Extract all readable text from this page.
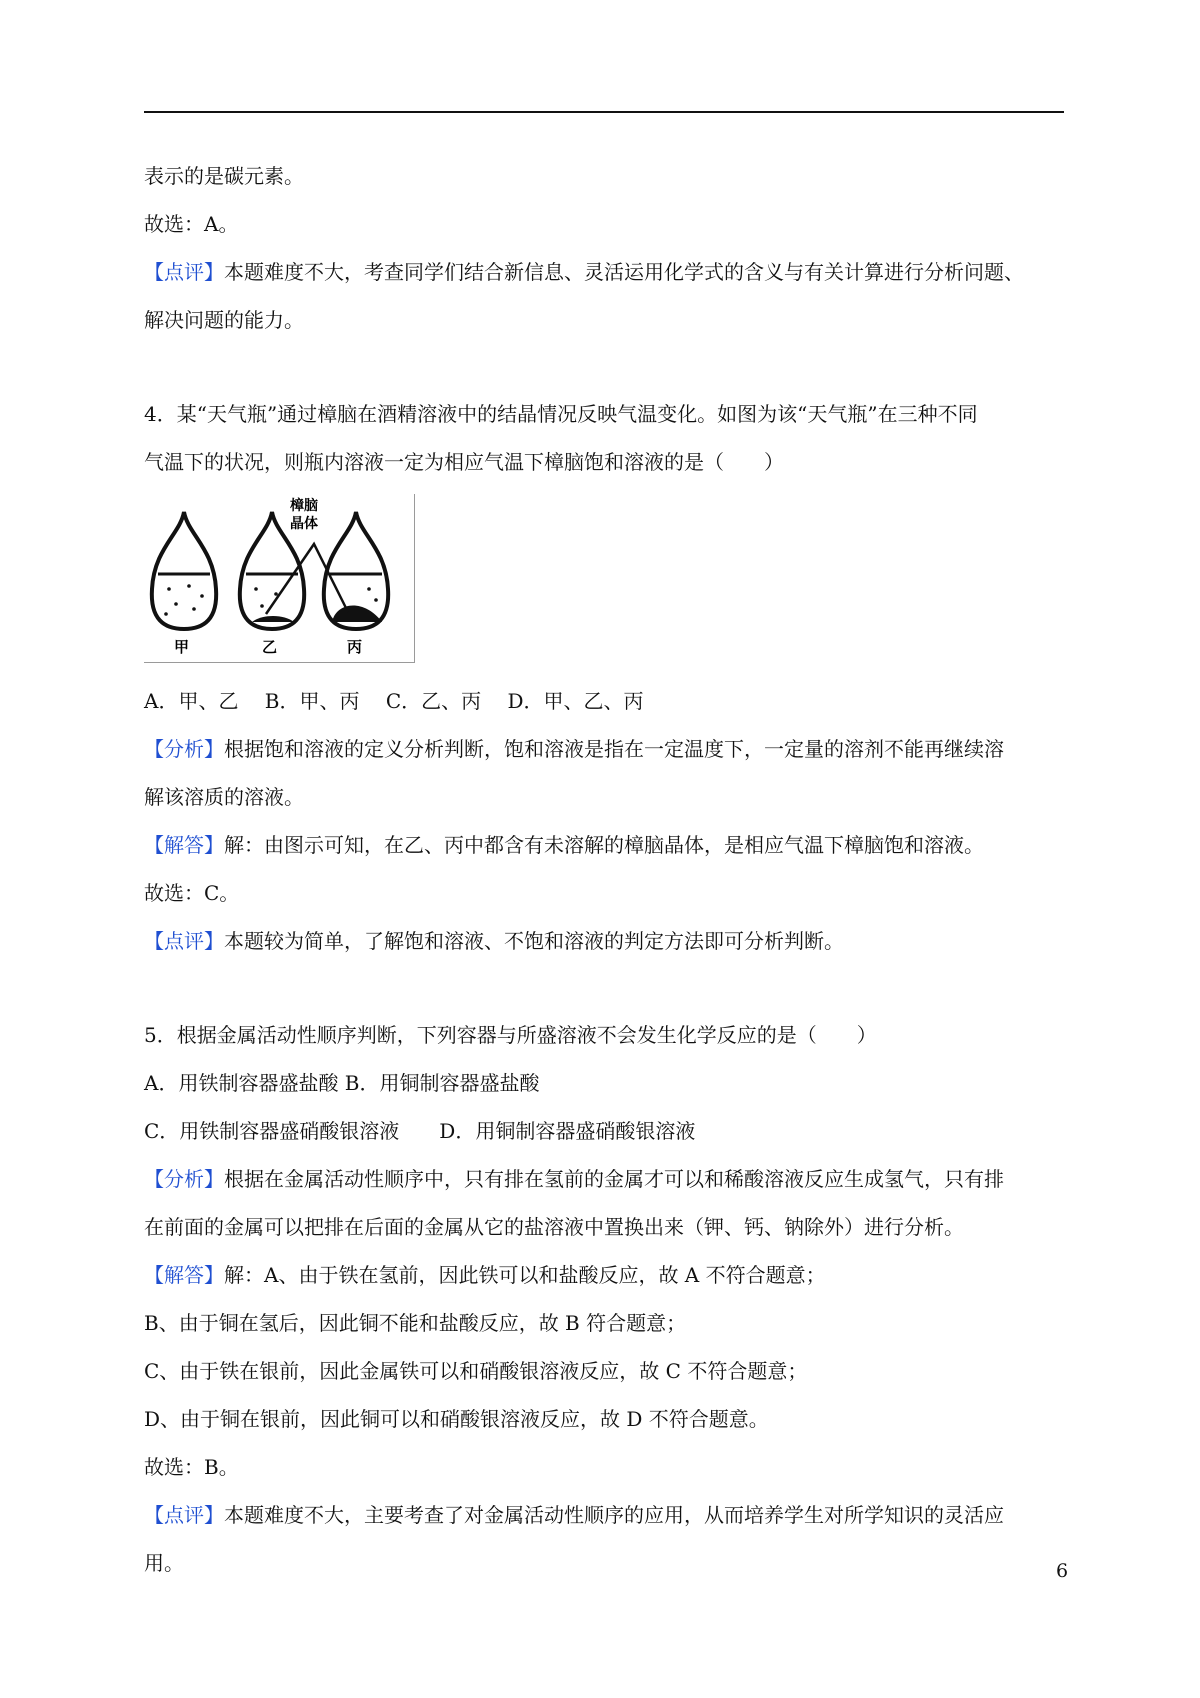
表示的是碳元素。

故选：A。

【点评】本题难度不大，考查同学们结合新信息、灵活运用化学式的含义与有关计算进行分析问题、

解决问题的能力。

4．某“天气瓶”通过樟脑在酒精溶液中的结晶情况反映气温变化。如图为该“天气瓶”在三种不同

气温下的状况，则瓶内溶液一定为相应气温下樟脑饱和溶液的是（　　）

樟脑
晶体
甲	乙	丙

A．甲、乙　 B．甲、丙　 C．乙、丙　 D．甲、乙、丙

【分析】根据饱和溶液的定义分析判断，饱和溶液是指在一定温度下，一定量的溶剂不能再继续溶

解该溶质的溶液。

【解答】解：由图示可知，在乙、丙中都含有未溶解的樟脑晶体，是相应气温下樟脑饱和溶液。

故选：C。

【点评】本题较为简单，了解饱和溶液、不饱和溶液的判定方法即可分析判断。

5．根据金属活动性顺序判断，下列容器与所盛溶液不会发生化学反应的是（　　）

A．用铁制容器盛盐酸 B．用铜制容器盛盐酸

C．用铁制容器盛硝酸银溶液　　D．用铜制容器盛硝酸银溶液

【分析】根据在金属活动性顺序中，只有排在氢前的金属才可以和稀酸溶液反应生成氢气，只有排

在前面的金属可以把排在后面的金属从它的盐溶液中置换出来（钾、钙、钠除外）进行分析。

【解答】解：A、由于铁在氢前，因此铁可以和盐酸反应，故 A 不符合题意；

B、由于铜在氢后，因此铜不能和盐酸反应，故 B 符合题意；

C、由于铁在银前，因此金属铁可以和硝酸银溶液反应，故 C 不符合题意；

D、由于铜在银前，因此铜可以和硝酸银溶液反应，故 D 不符合题意。

故选：B。

【点评】本题难度不大，主要考查了对金属活动性顺序的应用，从而培养学生对所学知识的灵活应

用。	6
